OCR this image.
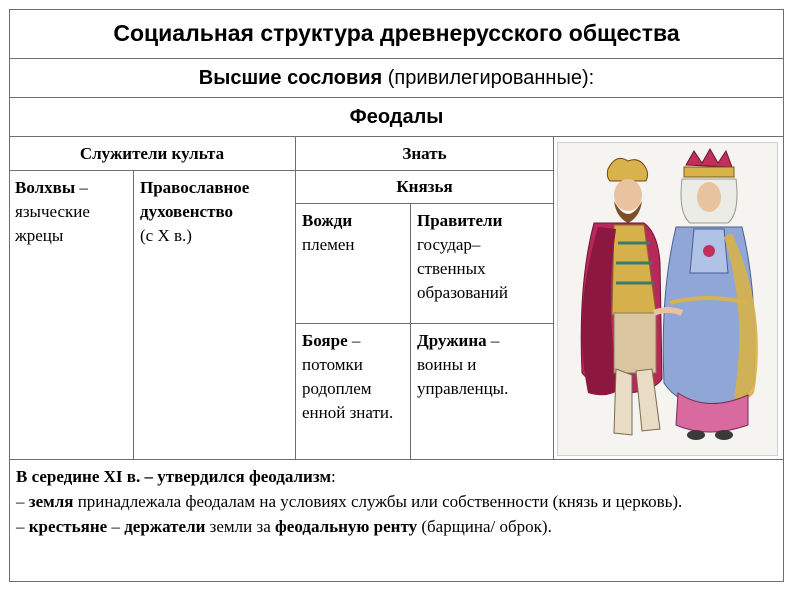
Социальная структура древнерусского общества
Высшие сословия (привилегированные):
Феодалы
Служители культа	Знать
Волхвы – языческие жрецы
Православное духовенство
(с X в.)
Князья
Вожди
племен
Правители
государ– ственных образований
Бояре – потомки родоплем енной знати.
Дружина – воины и управленцы.
В середине XI в. – утвердился феодализм:
– земля принадлежала феодалам на условиях службы или собственности (князь и церковь).
– крестьяне – держатели земли за феодальную ренту (барщина/ оброк).
